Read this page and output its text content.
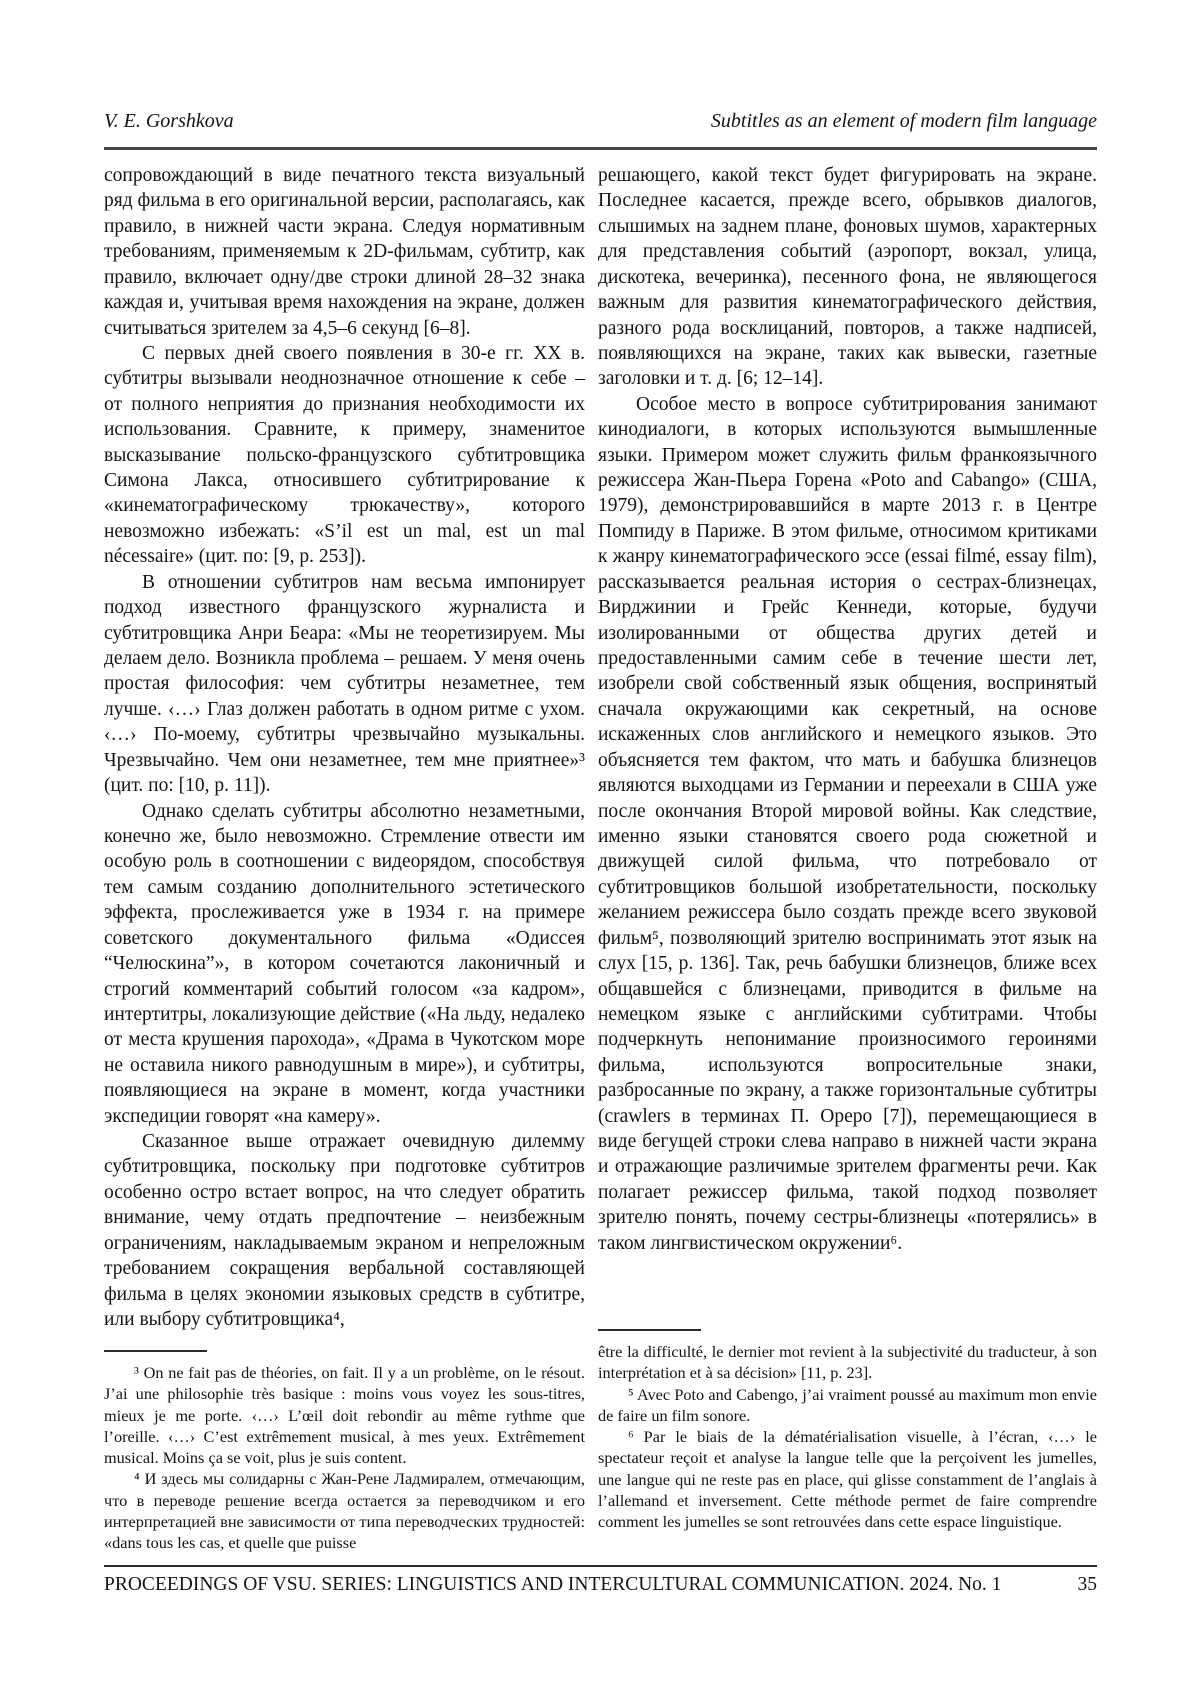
V. E. Gorshkova	Subtitles as an element of modern film language

сопровождающий в виде печатного текста визуальный ряд фильма в его оригинальной версии, располагаясь, как правило, в нижней части экрана. Следуя нормативным требованиям, применяемым к 2D-фильмам, субтитр, как правило, включает одну/две строки длиной 28–32 знака каждая и, учитывая время нахождения на экране, должен считываться зрителем за 4,5–6 секунд [6–8].

С первых дней своего появления в 30-е гг. XX в. субтитры вызывали неоднозначное отношение к себе – от полного неприятия до признания необходимости их использования. Сравните, к примеру, знаменитое высказывание польско-французского субтитровщика Симона Лакса, относившего субтитрирование к «кинематографическому трюкачеству», которого невозможно избежать: «S’il est un mal, est un mal nécessaire» (цит. по: [9, p. 253]).

В отношении субтитров нам весьма импонирует подход известного французского журналиста и субтитровщика Анри Беара: «Мы не теоретизируем. Мы делаем дело. Возникла проблема – решаем. У меня очень простая философия: чем субтитры незаметнее, тем лучше. ‹…› Глаз должен работать в одном ритме с ухом. ‹…› По-моему, субтитры чрезвычайно музыкальны. Чрезвычайно. Чем они незаметнее, тем мне приятнее»³ (цит. по: [10, p. 11]).

Однако сделать субтитры абсолютно незаметными, конечно же, было невозможно. Стремление отвести им особую роль в соотношении с видеорядом, способствуя тем самым созданию дополнительного эстетического эффекта, прослеживается уже в 1934 г. на примере советского документального фильма «Одиссея “Челюскина”», в котором сочетаются лаконичный и строгий комментарий событий голосом «за кадром», интертитры, локализующие действие («На льду, недалеко от места крушения парохода», «Драма в Чукотском море не оставила никого равнодушным в мире»), и субтитры, появляющиеся на экране в момент, когда участники экспедиции говорят «на камеру».

Сказанное выше отражает очевидную дилемму субтитровщика, поскольку при подготовке субтитров особенно остро встает вопрос, на что следует обратить внимание, чему отдать предпочтение – неизбежным ограничениям, накладываемым экраном и непреложным требованием сокращения вербальной составляющей фильма в целях экономии языковых средств в субтитре, или выбору субтитровщика⁴,

решающего, какой текст будет фигурировать на экране. Последнее касается, прежде всего, обрывков диалогов, слышимых на заднем плане, фоновых шумов, характерных для представления событий (аэропорт, вокзал, улица, дискотека, вечеринка), песенного фона, не являющегося важным для развития кинематографического действия, разного рода восклицаний, повторов, а также надписей, появляющихся на экране, таких как вывески, газетные заголовки и т. д. [6; 12–14].

Особое место в вопросе субтитрирования занимают кинодиалоги, в которых используются вымышленные языки. Примером может служить фильм франкоязычного режиссера Жан-Пьера Горена «Poto and Cabango» (США, 1979), демонстрировавшийся в марте 2013 г. в Центре Помпиду в Париже. В этом фильме, относимом критиками к жанру кинематографического эссе (essai filmé, essay film), рассказывается реальная история о сестрах-близнецах, Вирджинии и Грейс Кеннеди, которые, будучи изолированными от общества других детей и предоставленными самим себе в течение шести лет, изобрели свой собственный язык общения, воспринятый сначала окружающими как секретный, на основе искаженных слов английского и немецкого языков. Это объясняется тем фактом, что мать и бабушка близнецов являются выходцами из Германии и переехали в США уже после окончания Второй мировой войны. Как следствие, именно языки становятся своего рода сюжетной и движущей силой фильма, что потребовало от субтитровщиков большой изобретательности, поскольку желанием режиссера было создать прежде всего звуковой фильм⁵, позволяющий зрителю воспринимать этот язык на слух [15, p. 136]. Так, речь бабушки близнецов, ближе всех общавшейся с близнецами, приводится в фильме на немецком языке с английскими субтитрами. Чтобы подчеркнуть непонимание произносимого героинями фильма, используются вопросительные знаки, разбросанные по экрану, а также горизонтальные субтитры (crawlers в терминах П. Ореро [7]), перемещающиеся в виде бегущей строки слева направо в нижней части экрана и отражающие различимые зрителем фрагменты речи. Как полагает режиссер фильма, такой подход позволяет зрителю понять, почему сестры-близнецы «потерялись» в таком лингвистическом окружении⁶.

³ On ne fait pas de théories, on fait. Il y a un problème, on le résout. J’ai une philosophie très basique : moins vous voyez les sous-titres, mieux je me porte. ‹…› L’œil doit rebondir au même rythme que l’oreille. ‹…› C’est extrêmement musical, à mes yeux. Extrêmement musical. Moins ça se voit, plus je suis content.

⁴ И здесь мы солидарны с Жан-Рене Ладмиралем, отмечающим, что в переводе решение всегда остается за переводчиком и его интерпретацией вне зависимости от типа переводческих трудностей: «dans tous les cas, et quelle que puisse

être la difficulté, le dernier mot revient à la subjectivité du traducteur, à son interprétation et à sa décision» [11, p. 23].

⁵ Avec Poto and Cabengo, j’ai vraiment poussé au maximum mon envie de faire un film sonore.

⁶ Par le biais de la dématérialisation visuelle, à l’écran, ‹…› le spectateur reçoit et analyse la langue telle que la perçoivent les jumelles, une langue qui ne reste pas en place, qui glisse constamment de l’anglais à l’allemand et inversement. Cette méthode permet de faire comprendre comment les jumelles se sont retrouvées dans cette espace linguistique.

PROCEEDINGS OF VSU. SERIES: LINGUISTICS AND INTERCULTURAL COMMUNICATION. 2024. No. 1	35
